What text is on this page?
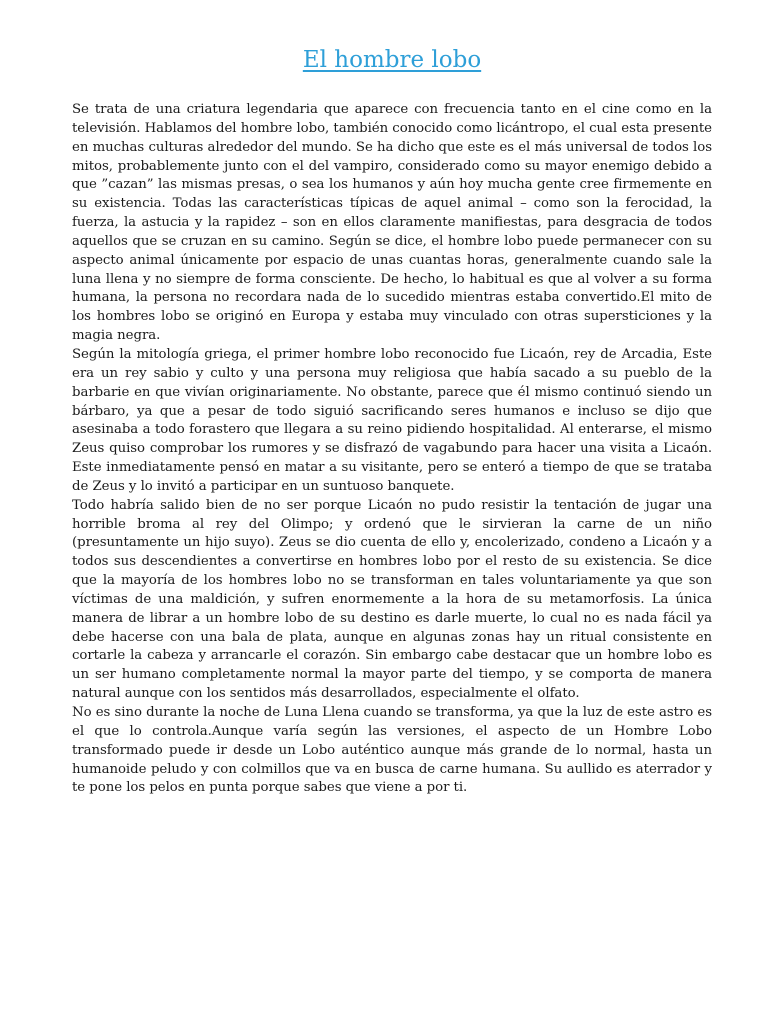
El hombre lobo

Se trata de una criatura legendaria que aparece con frecuencia tanto en el cine como en la televisión. Hablamos del hombre lobo, también conocido como licántropo, el cual esta presente en muchas culturas alrededor del mundo. Se ha dicho que este es el más universal de todos los mitos, probablemente junto con el del vampiro, considerado como su mayor enemigo debido a que ”cazan” las mismas presas, o sea los humanos y aún hoy mucha gente cree firmemente en su existencia. Todas las características típicas de aquel animal – como son la ferocidad, la fuerza, la astucia y la rapidez – son en ellos claramente manifiestas, para desgracia de todos aquellos que se cruzan en su camino. Según se dice, el hombre lobo puede permanecer con su aspecto animal únicamente por espacio de unas cuantas horas, generalmente cuando sale la luna llena y no siempre de forma consciente. De hecho, lo habitual es que al volver a su forma humana, la persona no recordara nada de lo sucedido mientras estaba convertido.El mito de los hombres lobo se originó en Europa y estaba muy vinculado con otras supersticiones y la magia negra.

Según la mitología griega, el primer hombre lobo reconocido fue Licaón, rey de Arcadia, Este era un rey sabio y culto y una persona muy religiosa que había sacado a su pueblo de la barbarie en que vivían originariamente. No obstante, parece que él mismo continuó siendo un bárbaro, ya que a pesar de todo siguió sacrificando seres humanos e incluso se dijo que asesinaba a todo forastero que llegara a su reino pidiendo hospitalidad. Al enterarse, el mismo Zeus quiso comprobar los rumores y se disfrazó de vagabundo para hacer una visita a Licaón. Este inmediatamente pensó en matar a su visitante, pero se enteró a tiempo de que se trataba de Zeus y lo invitó a participar en un suntuoso banquete.

Todo habría salido bien de no ser porque Licaón no pudo resistir la tentación de jugar una horrible broma al rey del Olimpo; y ordenó que le sirvieran la carne de un niño (presuntamente un hijo suyo). Zeus se dio cuenta de ello y, encolerizado, condeno a Licaón y a todos sus descendientes a convertirse en hombres lobo por el resto de su existencia. Se dice que la mayoría de los hombres lobo no se transforman en tales voluntariamente ya que son víctimas de una maldición, y sufren enormemente a la hora de su metamorfosis. La única manera de librar a un hombre lobo de su destino es darle muerte, lo cual no es nada fácil ya debe hacerse con una bala de plata, aunque en algunas zonas hay un ritual consistente en cortarle la cabeza y arrancarle el corazón. Sin embargo cabe destacar que un hombre lobo es un ser humano completamente normal la mayor parte del tiempo, y se comporta de manera natural aunque con los sentidos más desarrollados, especialmente el olfato.

No es sino durante la noche de Luna Llena cuando se transforma, ya que la luz de este astro es el que lo controla.Aunque varía según las versiones, el aspecto de un Hombre Lobo transformado puede ir desde un Lobo auténtico aunque más grande de lo normal, hasta un humanoide peludo y con colmillos que va en busca de carne humana. Su aullido es aterrador y te pone los pelos en punta porque sabes que viene a por ti.
